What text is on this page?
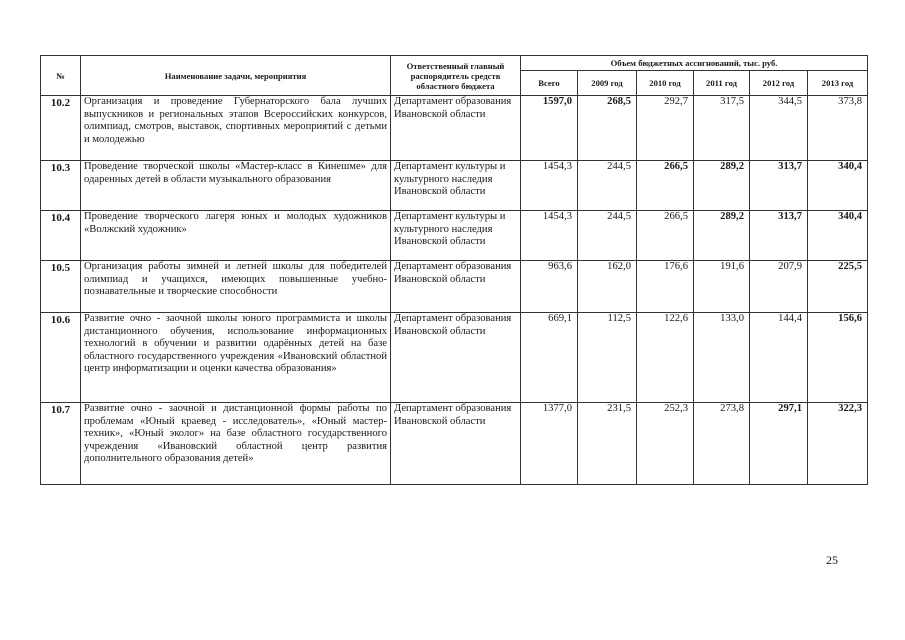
№	Наименование задачи, мероприятия	Ответственный главный распорядитель средств областного бюджета	Объем бюджетных ассигнований, тыс. руб.					
			Всего	2009 год	2010 год	2011 год	2012 год	2013 год
10.2	Организация и проведение Губернаторского бала лучших выпускников и региональных этапов Всероссийских конкурсов, олимпиад, смотров, выставок, спортивных мероприятий с детьми и молодежью	Департамент образования Ивановской области	1597,0	268,5	292,7	317,5	344,5	373,8
10.3	Проведение творческой школы «Мастер-класс в Кинешме» для одаренных детей в области музыкального образования	Департамент культуры и культурного наследия Ивановской области	1454,3	244,5	266,5	289,2	313,7	340,4
10.4	Проведение творческого лагеря юных и молодых художников «Волжский художник»	Департамент культуры и культурного наследия Ивановской области	1454,3	244,5	266,5	289,2	313,7	340,4
10.5	Организация работы зимней и летней школы для победителей олимпиад и учащихся, имеющих повышенные учебно-познавательные и творческие способности	Департамент образования Ивановской области	963,6	162,0	176,6	191,6	207,9	225,5
10.6	Развитие очно - заочной школы юного программиста и школы дистанционного обучения, использование информационных технологий в обучении и развитии одарённых детей на базе областного государственного учреждения «Ивановский областной центр информатизации и оценки качества образования»	Департамент образования Ивановской области	669,1	112,5	122,6	133,0	144,4	156,6
10.7	Развитие очно - заочной и дистанционной формы работы по проблемам «Юный краевед - исследователь», «Юный мастер-техник», «Юный эколог» на базе областного государственного учреждения «Ивановский областной центр развития дополнительного образования детей»	Департамент образования Ивановской области	1377,0	231,5	252,3	273,8	297,1	322,3
25
